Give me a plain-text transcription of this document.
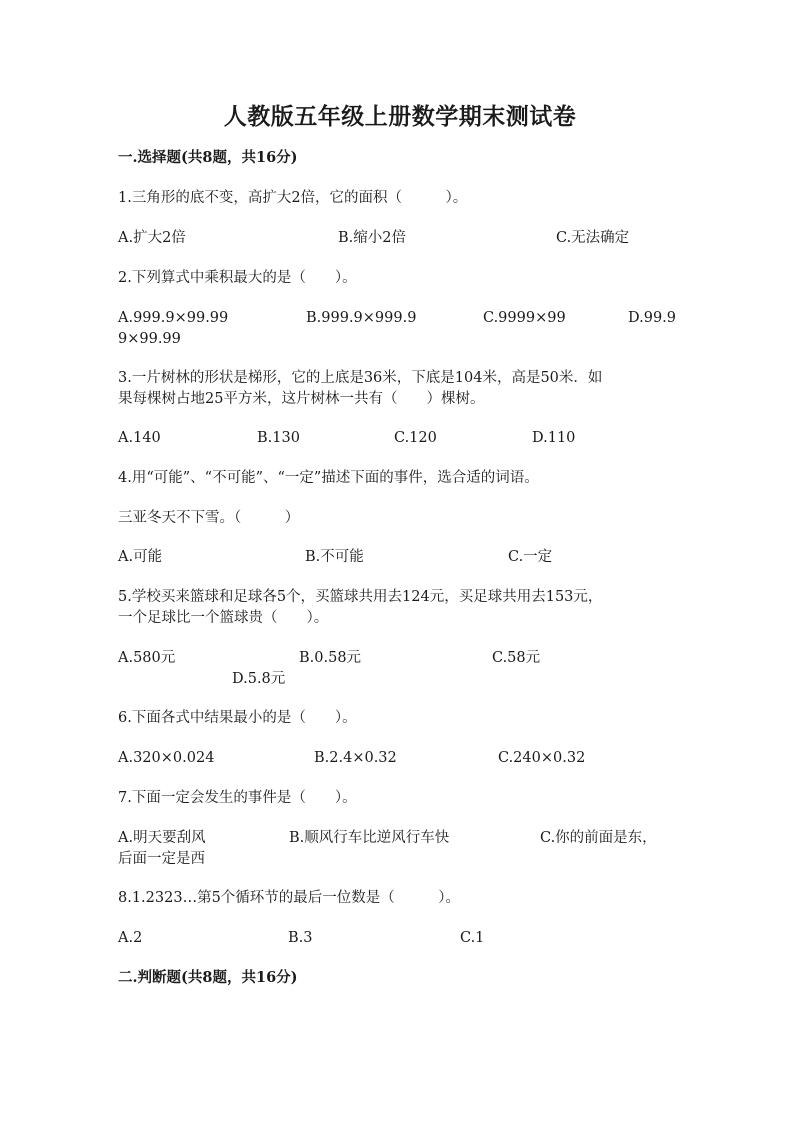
人教版五年级上册数学期末测试卷
一.选择题(共8题，共16分)
1.三角形的底不变，高扩大2倍，它的面积（　　　）。
A.扩大2倍	B.缩小2倍	C.无法确定
2.下列算式中乘积最大的是（　　）。
A.999.9×99.99	B.999.9×999.9	C.9999×99	D.99.9
9×99.99
3.一片树林的形状是梯形，它的上底是36米，下底是104米，高是50米．如
果每棵树占地25平方米，这片树林一共有（　　）棵树。
A.140	B.130	C.120	D.110
4.用“可能”、“不可能”、“一定”描述下面的事件，选合适的词语。
三亚冬天不下雪。（　　　）
A.可能	B.不可能	C.一定
5.学校买来篮球和足球各5个，买篮球共用去124元，买足球共用去153元，
一个足球比一个篮球贵（　　）。
A.580元	B.0.58元	C.58元
D.5.8元
6.下面各式中结果最小的是（　　）。
A.320×0.024	B.2.4×0.32	C.240×0.32
7.下面一定会发生的事件是（　　）。
A.明天要刮风	B.顺风行车比逆风行车快	C.你的前面是东，
后面一定是西
8.1.2323…第5个循环节的最后一位数是（　　　）。
A.2	B.3	C.1
二.判断题(共8题，共16分)
